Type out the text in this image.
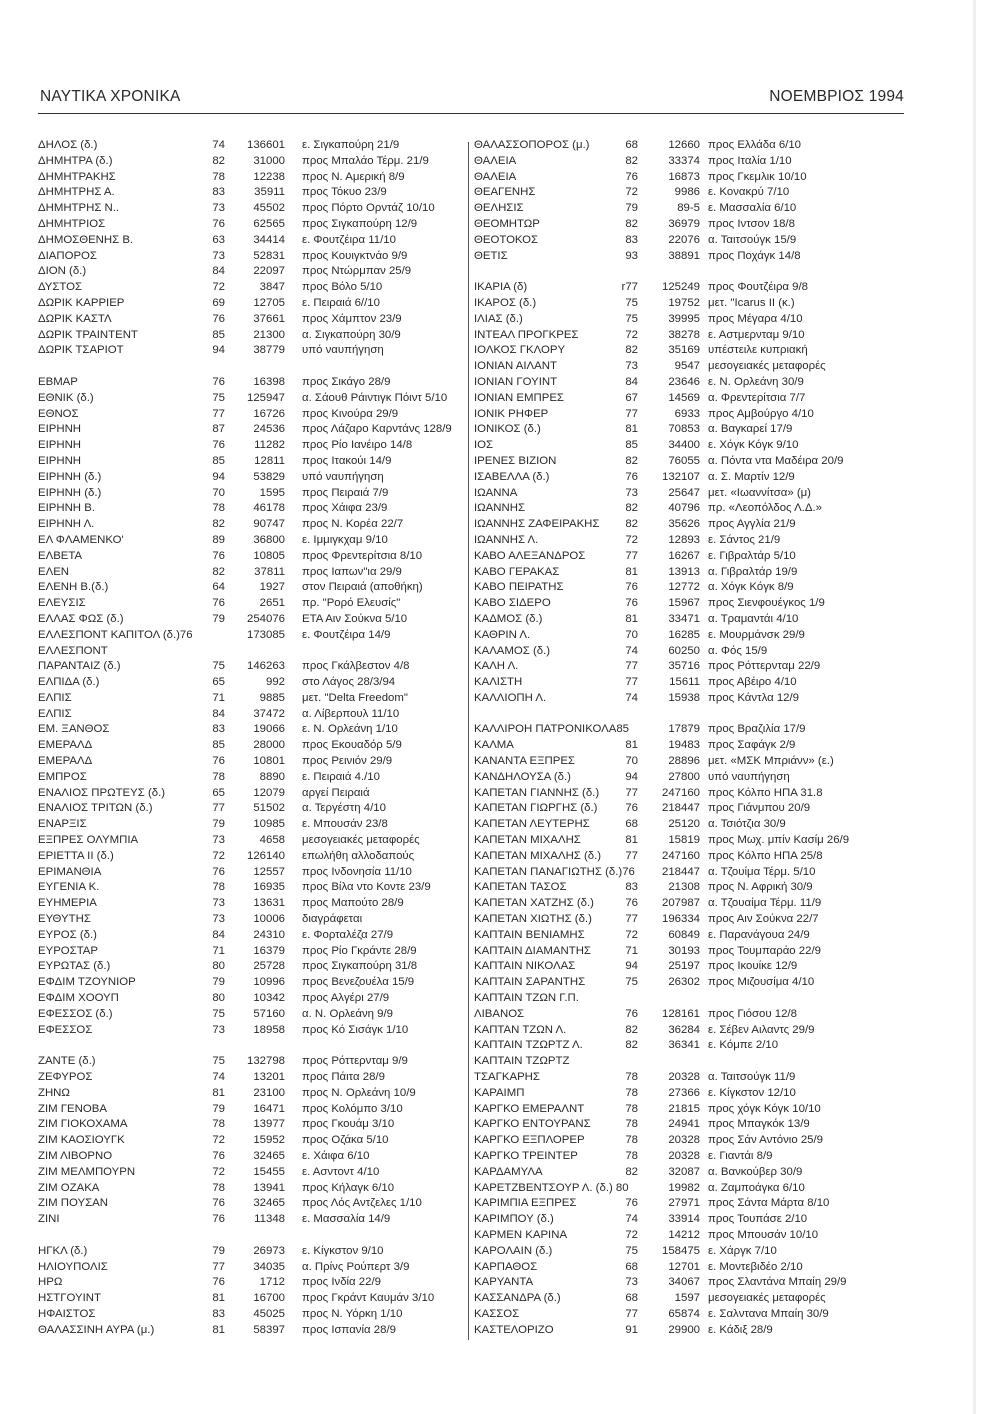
ΝΑΥΤΙΚΑ ΧΡΟΝΙΚΑ	ΝΟΕΜΒΡΙΟΣ 1994
ΔΗΛΟΣ (δ.)	74	136601 ε. Σιγκαπούρη 21/9
ΔΗΜΗΤΡΑ (δ.)	82	31000 προς Μπαλάο Τέρμ. 21/9
ΔΗΜΗΤΡΑΚΗΣ	78	12238 προς Ν. Αμερική 8/9
ΔΗΜΗΤΡΗΣ Α.	83	35911 προς Τόκυο 23/9
ΔΗΜΗΤΡΗΣ Ν..	73	45502 προς Πόρτο Ορντάζ 10/10
ΔΗΜΗΤΡΙΟΣ	76	62565 προς Σιγκαπούρη 12/9
ΔΗΜΟΣΘΕΝΗΣ Β.	63	34414 ε. Φουτζέιρα 11/10
ΔΙΑΠΟΡΟΣ	73	52831 προς Κουιγκτνάο 9/9
ΔΙΟΝ (δ.)	84	22097 προς Ντώρμπαν 25/9
ΔΥΣΤΟΣ	72	3847 προς Βόλο 5/10
ΔΩΡΙΚ ΚΑΡΡΙΕΡ	69	12705 ε. Πειραιά 6//10
ΔΩΡΙΚ ΚΑΣΤΛ	76	37661 προς Χάμπτον 23/9
ΔΩΡΙΚ ΤΡΑΙΝΤΕΝΤ	85	21300 α. Σιγκαπούρη 30/9
ΔΩΡΙΚ ΤΣΑΡΙΟΤ	94	38779 υπό ναυπήγηση
ΕΒΜΑΡ	76	16398 προς Σικάγο 28/9
ΕΘΝΙΚ (δ.)	75	125947 α. Σάουθ Ράιντιγκ Πόιντ 5/10
ΕΘΝΟΣ	77	16726 προς Κινούρα 29/9
ΕΙΡΗΝΗ	87	24536 προς Λάζαρο Καρντάνς 128/9
ΕΙΡΗΝΗ	76	11282 προς Ρίο Ιανέιρο 14/8
ΕΙΡΗΝΗ	85	12811 προς Ιτακούι 14/9
ΕΙΡΗΝΗ (δ.)	94	53829 υπό ναυπήγηση
ΕΙΡΗΝΗ (δ.)	70	1595 προς Πειραιά 7/9
ΕΙΡΗΝΗ Β.	78	46178 προς Χάιφα 23/9
ΕΙΡΗΝΗ Λ.	82	90747 προς Ν. Κορέα 22/7
ΕΛ ΦΛΑΜΕΝΚΟ'	89	36800 ε. Ιμμιγκχαμ 9/10
ΕΛΒΕΤΑ	76	10805 προς Φρεντερίτσια 8/10
ΕΛΕΝ	82	37811 προς Ιαπων"ια 29/9
ΕΛΕΝΗ Β.(δ.)	64	1927 στον Πειραιά (αποθήκη)
ΕΛΕΥΣΙΣ	76	2651 πρ. "Ρορό Ελευσίς"
ΕΛΛΑΣ ΦΩΣ (δ.)	79	254076 ΕΤΑ Αιν Σούκνα 5/10
ΕΛΛΕΣΠΟΝΤ ΚΑΠΙΤΟΛ (δ.)76	173085 ε. Φουτζέιρα 14/9
ΕΛΛΕΣΠΟΝΤ
ΠΑΡΑΝΤΑΙΖ (δ.)	75	146263 προς Γκάλβεστον 4/8
ΕΛΠΙΔΑ (δ.)	65	992 στο Λάγος 28/3/94
ΕΛΠΙΣ	71	9885 μετ. "Delta Freedom"
ΕΛΠΙΣ	84	37472 α. Λίβερπουλ 11/10
ΕΜ. ΞΑΝΘΟΣ	83	19066 ε. Ν. Ορλεάνη 1/10
ΕΜΕΡΑΛΔ	85	28000 προς Εκουαδόρ 5/9
ΕΜΕΡΑΛΔ	76	10801 προς Ρεινιόν 29/9
ΕΜΠΡΟΣ	78	8890 ε. Πειραιά 4./10
ΕΝΑΛΙΟΣ ΠΡΩΤΕΥΣ (δ.)	65	12079 αργεί Πειραιά
ΕΝΑΛΙΟΣ ΤΡΙΤΩΝ (δ.)	77	51502 α. Τεργέστη 4/10
ΕΝΑΡΞΙΣ	79	10985 ε. Μπουσάν 23/8
ΕΞΠΡΕΣ ΟΛΥΜΠΙΑ	73	4658 μεσογειακές μεταφορές
ΕΡΙΕΤΤΑ ΙΙ (δ.)	72	126140 επωλήθη αλλοδαπούς
ΕΡΙΜΑΝΘΙΑ	76	12557 προς Ινδονησία 11/10
ΕΥΓΕΝΙΑ Κ.	78	16935 προς Βίλα ντο Κοντε 23/9
ΕΥΗΜΕΡΙΑ	73	13631 προς Μαπούτο 28/9
ΕΥΘΥΤΗΣ	73	10006 διαγράφεται
ΕΥΡΟΣ (δ.)	84	24310 ε. Φορταλέζα 27/9
ΕΥΡΟΣΤΑΡ	71	16379 προς Ρίο Γκράντε 28/9
ΕΥΡΩΤΑΣ (δ.)	80	25728 προς Σιγκαπούρη 31/8
ΕΦΔΙΜ ΤΖΟΥΝΙΟΡ	79	10996 προς Βενεζουέλα 15/9
ΕΦΔΙΜ ΧΟΟΥΠ	80	10342 προς Αλγέρι 27/9
ΕΦΕΣΣΟΣ (δ.)	75	57160 α. Ν. Ορλεάνη 9/9
ΕΦΕΣΣΟΣ	73	18958 προς Κό Σισάγκ 1/10
ΖΑΝΤΕ (δ.)	75	132798 προς Ρόττερνταμ 9/9
ΖΕΦΥΡΟΣ	74	13201 προς Πάιτα 28/9
ΖΗΝΩ	81	23100 προς Ν. Ορλεάνη 10/9
ΖΙΜ ΓΕΝΟΒΑ	79	16471 προς Κολόμπο 3/10
ΖΙΜ ΓΙΟΚΟΧΑΜΑ	78	13977 προς Γκουάμ 3/10
ΖΙΜ ΚΑΟΣΙΟΥΓΚ	72	15952 προς Οζάκα 5/10
ΖΙΜ ΛΙΒΟΡΝΟ	76	32465 ε. Χάιφα 6/10
ΖΙΜ ΜΕΛΜΠΟΥΡΝ	72	15455 ε. Ασντοντ 4/10
ΖΙΜ ΟΖΑΚΑ	78	13941 προς Κήλαγκ 6/10
ΖΙΜ ΠΟΥΣΑΝ	76	32465 προς Λός Αντζελες 1/10
ΖΙΝΙ	76	11348 ε. Μασσαλία 14/9
ΗΓΚΛ (δ.)	79	26973 ε. Κίγκστον 9/10
ΗΛΙΟΥΠΟΛΙΣ	77	34035 α. Πρίνς Ρούπερτ 3/9
ΗΡΩ	76	1712 προς Ινδία 22/9
ΗΣΤΓΟΥΙΝΤ	81	16700 προς Γκράντ Καυμάν 3/10
ΗΦΑΙΣΤΟΣ	83	45025 προς Ν. Υόρκη 1/10
ΘΑΛΑΣΣΙΝΗ ΑΥΡΑ (μ.)	81	58397 προς Ισπανία 28/9
ΘΑΛΑΣΣΟΠΟΡΟΣ (μ.)	68	12660 προς Ελλάδα 6/10
ΘΑΛΕΙΑ	82	33374 προς Ιταλία 1/10
ΘΑΛΕΙΑ	76	16873 προς Γκεμλικ 10/10
ΘΕΑΓΕΝΗΣ	72	9986 ε. Κονακρύ 7/10
ΘΕΛΗΣΙΣ	79	89-5 ε. Μασσαλία 6/10
ΘΕΟΜΗΤΩΡ	82	36979 προς Ιντσον 18/8
ΘΕΟΤΟΚΟΣ	83	22076 α. Ταιτσούγκ 15/9
ΘΕΤΙΣ	93	38891 προς Ποχάγκ 14/8
ΙΚΑΡΙΑ (δ)	r77	125249 προς Φουτζέιρα 9/8
ΙΚΑΡΟΣ (δ.)	75	19752 μετ. "Icarus II (κ.)
ΙΛΙΑΣ (δ.)	75	39995 προς Μέγαρα 4/10
ΙΝΤΕΑΛ ΠΡΟΓΚΡΕΣ	72	38278 ε. Αστμερνταμ 9/10
ΙΟΛΚΟΣ ΓΚΛΟΡΥ	82	35169 υπέστειλε κυπριακή
ΙΟΝΙΑΝ ΑΙΛΑΝΤ	73	9547 μεσογειακές μεταφορές
ΙΟΝΙΑΝ ΓΟΥΙΝΤ	84	23646 ε. Ν. Ορλεάνη 30/9
ΙΟΝΙΑΝ ΕΜΠΡΕΣ	67	14569 α. Φρεντερίτσια 7/7
ΙΟΝΙΚ ΡΗΦΕΡ	77	6933 προς Αμβούργο 4/10
ΙΟΝΙΚΟΣ (δ.)	81	70853 α. Βαγκαρεί 17/9
ΙΟΣ	85	34400 ε. Χόγκ Κόγκ 9/10
ΙΡΕΝΕΣ ΒΙΖΙΟΝ	82	76055 α. Πόντα ντα Μαδέιρα 20/9
ΙΣΑΒΕΛΛΑ (δ.)	76	132107 α. Σ. Μαρτίν 12/9
ΙΩΑΝΝΑ	73	25647 μετ. «Ιωαννίτσα» (μ)
ΙΩΑΝΝΗΣ	82	40796 πρ. «Λεοπόλδος Λ.Δ.»
ΙΩΑΝΝΗΣ ΖΑΦΕΙΡΑΚΗΣ	82	35626 προς Αγγλία 21/9
ΙΩΑΝΝΗΣ Λ.	72	12893 ε. Σάντος 21/9
ΚΑΒΟ ΑΛΕΞΑΝΔΡΟΣ	77	16267 ε. Γιβραλτάρ 5/10
ΚΑΒΟ ΓΕΡΑΚΑΣ	81	13913 α. Γιβραλτάρ 19/9
ΚΑΒΟ ΠΕΙΡΑΤΗΣ	76	12772 α. Χόγκ Κόγκ 8/9
ΚΑΒΟ ΣΙΔΕΡΟ	76	15967 προς Σιενφουέγκος 1/9
ΚΑΔΜΟΣ (δ.)	81	33471 α. Τραμαντάι 4/10
ΚΑΘΡΙΝ Λ.	70	16285 ε. Μουρμάνσκ 29/9
ΚΑΛΑΜΟΣ (δ.)	74	60250 α. Φός 15/9
ΚΑΛΗ Λ.	77	35716 προς Ρόττερνταμ 22/9
ΚΑΛΙΣΤΗ	77	15611 προς Αβέιρο 4/10
ΚΑΛΛΙΟΠΗ Λ.	74	15938 προς Κάντλα 12/9
ΚΑΛΛΙΡΟΗ ΠΑΤΡΟΝΙΚΟΛΑ85	17879 προς Βραζιλία 17/9
ΚΑΛΜΑ	81	19483 προς Σαφάγκ 2/9
ΚΑΝΑΝΤΑ ΕΞΠΡΕΣ	70	28896 μετ. «ΜΣΚ Μπριάνν» (ε.)
ΚΑΝΔΗΛΟΥΣΑ (δ.)	94	27800 υπό ναυπήγηση
ΚΑΠΕΤΑΝ ΓΙΑΝΝΗΣ (δ.)	77	247160 προς Κόλπο ΗΠΑ 31.8
ΚΑΠΕΤΑΝ ΓΙΩΡΓΗΣ (δ.)	76	218447 προς Γιάνμπου 20/9
ΚΑΠΕΤΑΝ ΛΕΥΤΕΡΗΣ	68	25120 α. Τσιότζια 30/9
ΚΑΠΕΤΑΝ ΜΙΧΑΛΗΣ	81	15819 προς Μωχ. μπίν Κασίμ 26/9
ΚΑΠΕΤΑΝ ΜΙΧΑΛΗΣ (δ.)	77	247160 προς Κόλπο ΗΠΑ 25/8
ΚΑΠΕΤΑΝ ΠΑΝΑΓΙΩΤΗΣ (δ.)76	218447 α. Τζουίμα Τέρμ. 5/10
ΚΑΠΕΤΑΝ ΤΑΣΟΣ	83	21308 προς Ν. Αφρική 30/9
ΚΑΠΕΤΑΝ ΧΑΤΖΗΣ (δ.)	76	207987 α. Τζουαίμα Τέρμ. 11/9
ΚΑΠΕΤΑΝ ΧΙΩΤΗΣ (δ.)	77	196334 προς Αιν Σούκνα 22/7
ΚΑΠΤΑΙΝ ΒΕΝΙΑΜΗΣ	72	60849 ε. Παρανάγουα 24/9
ΚΑΠΤΑΙΝ ΔΙΑΜΑΝΤΗΣ	71	30193 προς Τουμπαράο 22/9
ΚΑΠΤΑΙΝ ΝΙΚΟΛΑΣ	94	25197 προς Ικουίκε 12/9
ΚΑΠΤΑΙΝ ΣΑΡΑΝΤΗΣ	75	26302 προς Μιζουσίμα 4/10
ΚΑΠΤΑΙΝ ΤΖΩΝ Γ.Π.
ΛΙΒΑΝΟΣ	76	128161 προς Γιόσου 12/8
ΚΑΠΤΑΝ ΤΖΩΝ Λ.	82	36284 ε. Σέβεν Αιλαντς 29/9
ΚΑΠΤΑΙΝ ΤΖΩΡΤΖ Λ.	82	36341 ε. Κόμπε 2/10
ΚΑΠΤΑΙΝ ΤΖΩΡΤΖ
ΤΣΑΓΚΑΡΗΣ	78	20328 α. Ταιτσούγκ 11/9
ΚΑΡΑΙΜΠ	78	27366 ε. Κίγκστον 12/10
ΚΑΡΓΚΟ ΕΜΕΡΑΛΝΤ	78	21815 προς χόγκ Κόγκ 10/10
ΚΑΡΓΚΟ ΕΝΤΟΥΡΑΝΣ	78	24941 προς Μπαγκόκ 13/9
ΚΑΡΓΚΟ ΕΞΠΛΟΡΕΡ	78	20328 προς Σάν Αντόνιο 25/9
ΚΑΡΓΚΟ ΤΡΕΙΝΤΕΡ	78	20328 ε. Γιαντάι 8/9
ΚΑΡΔΑΜΥΛΑ	82	32087 α. Βανκούβερ 30/9
ΚΑΡΕΤΖΒΕΝΤΣΟΥΡ Λ. (δ.) 80	19982 α. Ζαμποάγκα 6/10
ΚΑΡΙΜΠΙΑ ΕΞΠΡΕΣ	76	27971 προς Σάντα Μάρτα 8/10
ΚΑΡΙΜΠΟΥ (δ.)	74	33914 προς Τουπάσε 2/10
ΚΑΡΜΕΝ ΚΑΡΙΝΑ	72	14212 προς Μπουσάν 10/10
ΚΑΡΟΛΑΙΝ (δ.)	75	158475 ε. Χάργκ 7/10
ΚΑΡΠΑΘΟΣ	68	12701 ε. Μοντεβιδέο 2/10
ΚΑΡΥΑΝΤΑ	73	34067 προς Σλαντάνα Μπαίη 29/9
ΚΑΣΣΑΝΔΡΑ (δ.)	68	1597 μεσογειακές μεταφορές
ΚΑΣΣΟΣ	77	65874 ε. Σαλντανα Μπαίη 30/9
ΚΑΣΤΕΛΟΡΙΖΟ	91	29900 ε. Κάδιξ 28/9
